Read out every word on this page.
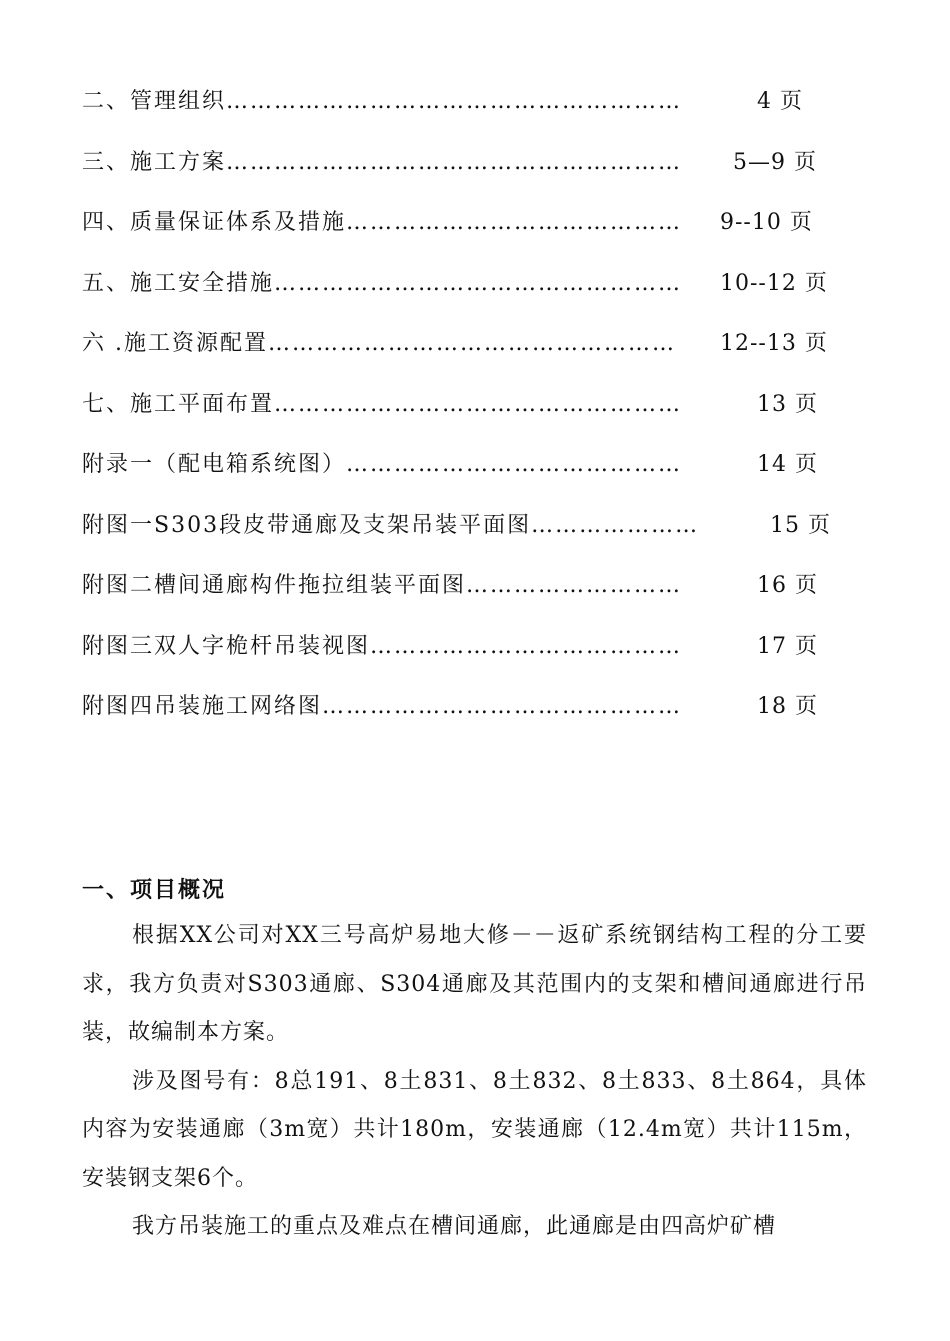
二、管理组织…………………………………………………	4 页
三、施工方案………………………………………………… 5—9 页
四、质量保证体系及措施…………………………………… 9--10 页
五、施工安全措施…………………………………………… 10--12 页
六 .施工资源配置…………………………………………… 12--13 页
七、施工平面布置……………………………………………	13 页
附录一（配电箱系统图）……………………………………	14 页
附图一S303段皮带通廊及支架吊装平面图…………………	15 页
附图二槽间通廊构件拖拉组装平面图………………………	16 页
附图三双人字桅杆吊装视图…………………………………	17 页
附图四吊装施工网络图………………………………………	18 页
一、项目概况

根据XX公司对XX三号高炉易地大修－－返矿系统钢结构工程的分工要求，我方负责对S303通廊、S304通廊及其范围内的支架和槽间通廊进行吊装，故编制本方案。

涉及图号有：8总191、8土831、8土832、8土833、8土864，具体内容为安装通廊（3m宽）共计180m，安装通廊（12.4m宽）共计115m，安装钢支架6个。

我方吊装施工的重点及难点在槽间通廊，此通廊是由四高炉矿槽
